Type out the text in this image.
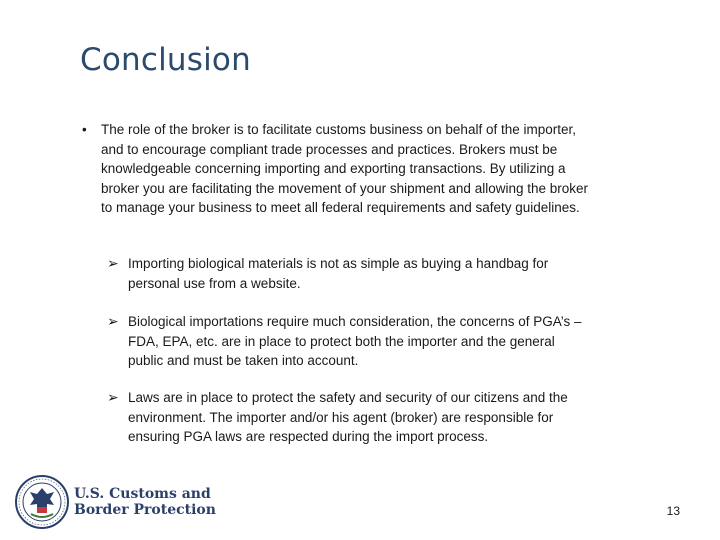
Conclusion
• The role of the broker is to facilitate customs business on behalf of the importer, and to encourage compliant trade processes and practices. Brokers must be knowledgeable concerning importing and exporting transactions. By utilizing a broker you are facilitating the movement of your shipment and allowing the broker to manage your business to meet all federal requirements and safety guidelines.
➢ Importing biological materials is not as simple as buying a handbag for personal use from a website.
➢ Biological importations require much consideration, the concerns of PGA’s – FDA, EPA, etc. are in place to protect both the importer and the general public and must be taken into account.
➢ Laws are in place to protect the safety and security of our citizens and the environment. The importer and/or his agent (broker) are responsible for ensuring PGA laws are respected during the import process.
U.S. Customs and
Border Protection	13
